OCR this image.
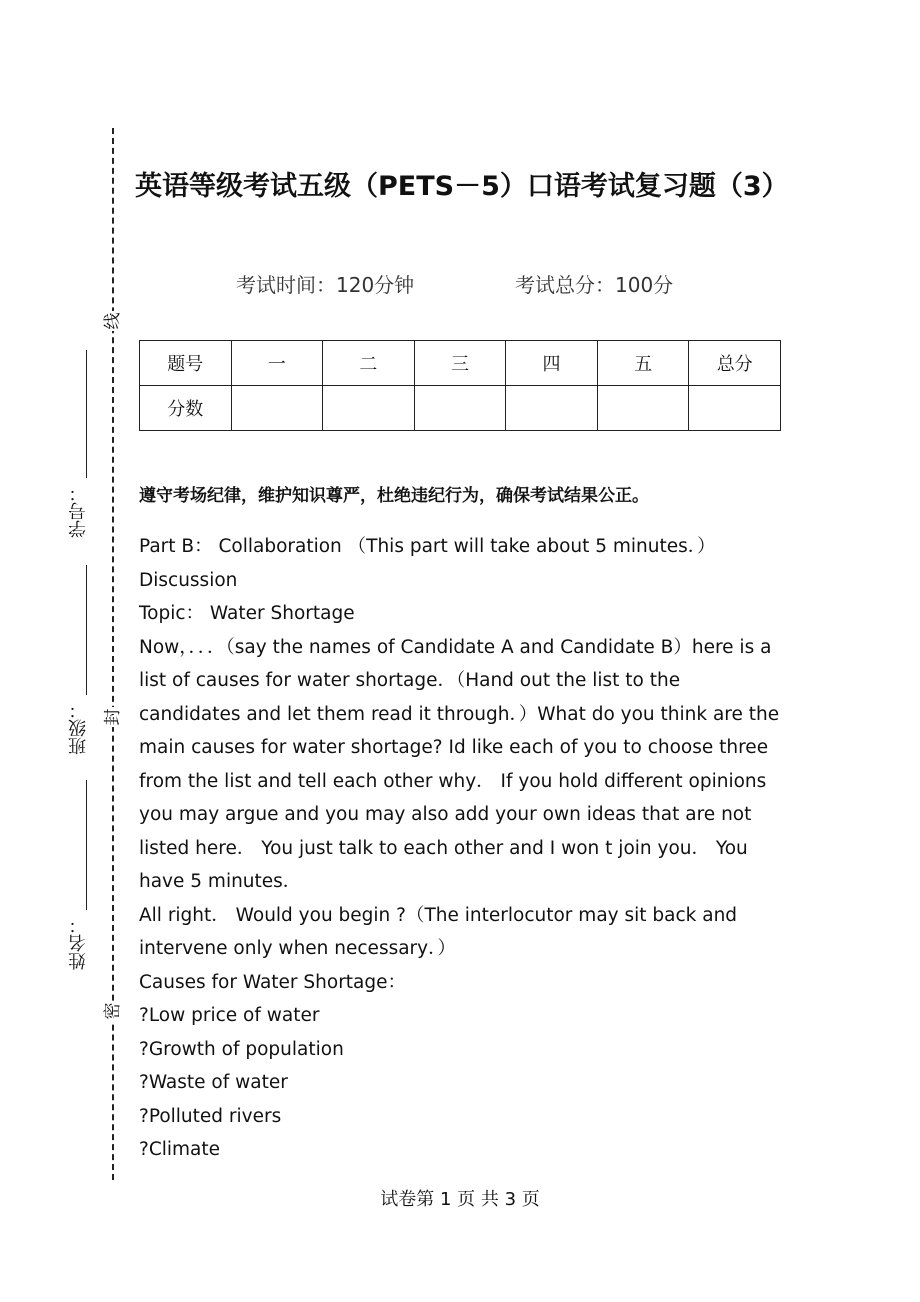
线
封
密
学号：
班级：
姓名：
英语等级考试五级（PETS－5）口语考试复习题（3）
考试时间：120分钟	考试总分：100分
题号	一	二	三	四	五	总分
分数						
遵守考场纪律，维护知识尊严，杜绝违纪行为，确保考试结果公正。

Part B： Collaboration （This part will take about 5 minutes．）

Discussion

Topic： Water Shortage

Now，．．．（say the names of Candidate A and Candidate B）here is a list of causes for water shortage．（Hand out the list to the candidates and let them read it through．）What do you think are the main causes for water shortage? Id like each of you to choose three from the list and tell each other why． If you hold different opinions you may argue and you may also add your own ideas that are not listed here． You just talk to each other and I won t join you． You have 5 minutes．

All right． Would you begin ?（The interlocutor may sit back and intervene only when necessary．）

Causes for Water Shortage：

?Low price of water

?Growth of population

?Waste of water

?Polluted rivers

?Climate

试卷第 1 页 共 3 页
